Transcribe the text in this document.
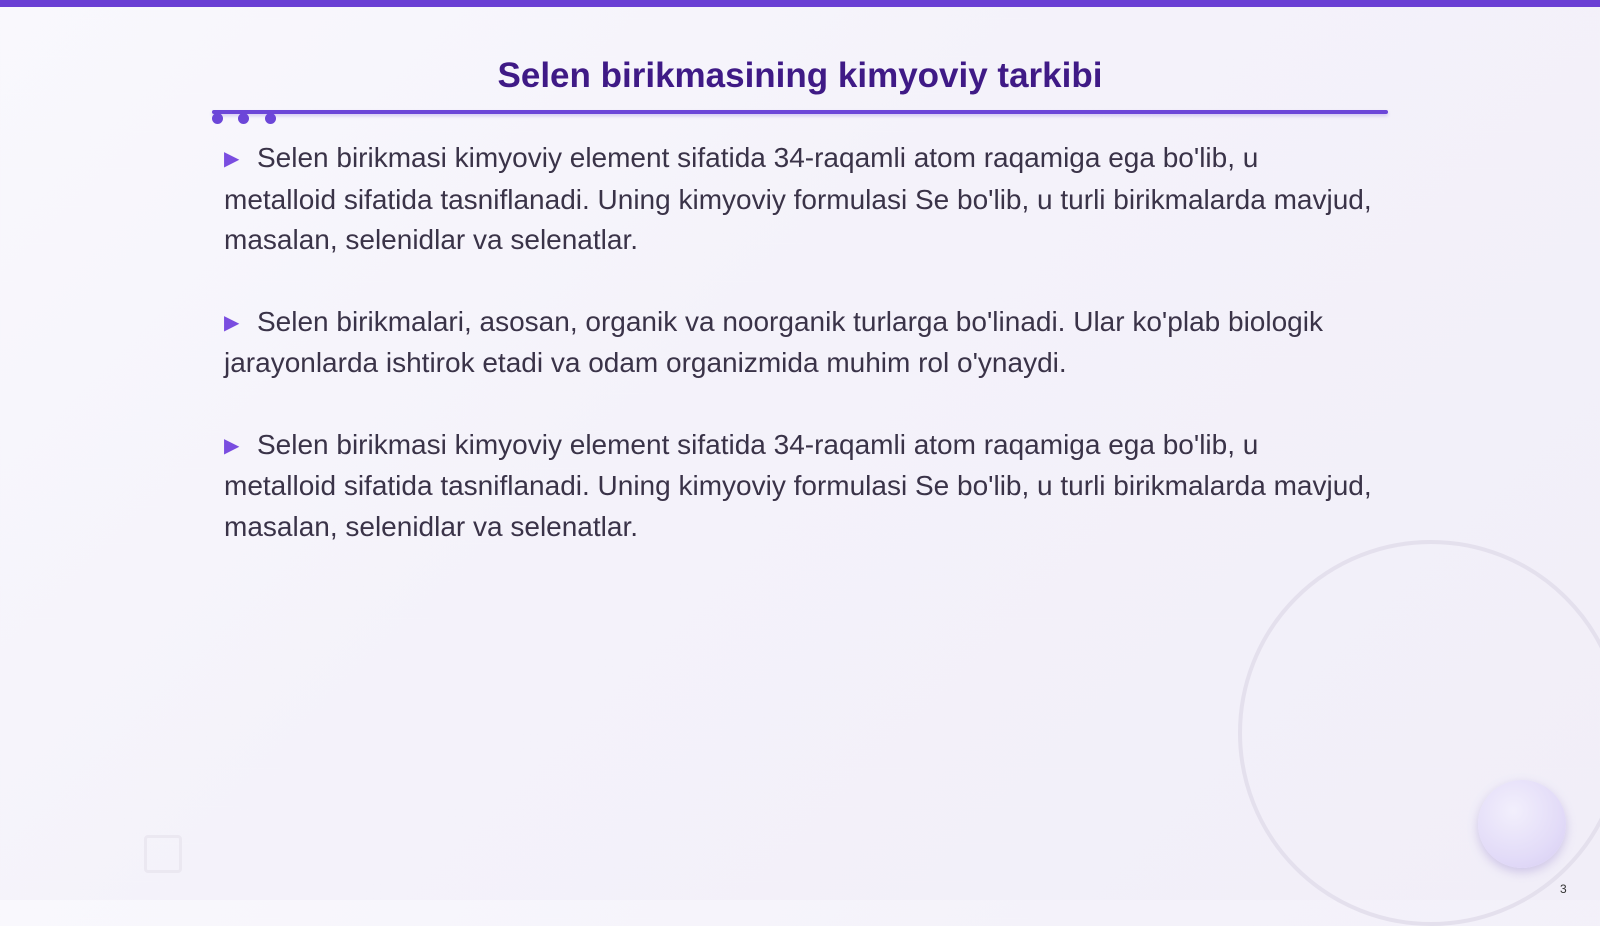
Selen birikmasining kimyoviy tarkibi

▶ Selen birikmasi kimyoviy element sifatida 34-raqamli atom raqamiga ega bo'lib, u metalloid sifatida tasniflanadi. Uning kimyoviy formulasi Se bo'lib, u turli birikmalarda mavjud, masalan, selenidlar va selenatlar.

▶ Selen birikmalari, asosan, organik va noorganik turlarga bo'linadi. Ular ko'plab biologik jarayonlarda ishtirok etadi va odam organizmida muhim rol o'ynaydi.

▶ Selen birikmasi kimyoviy element sifatida 34-raqamli atom raqamiga ega bo'lib, u metalloid sifatida tasniflanadi. Uning kimyoviy formulasi Se bo'lib, u turli birikmalarda mavjud, masalan, selenidlar va selenatlar.

3
